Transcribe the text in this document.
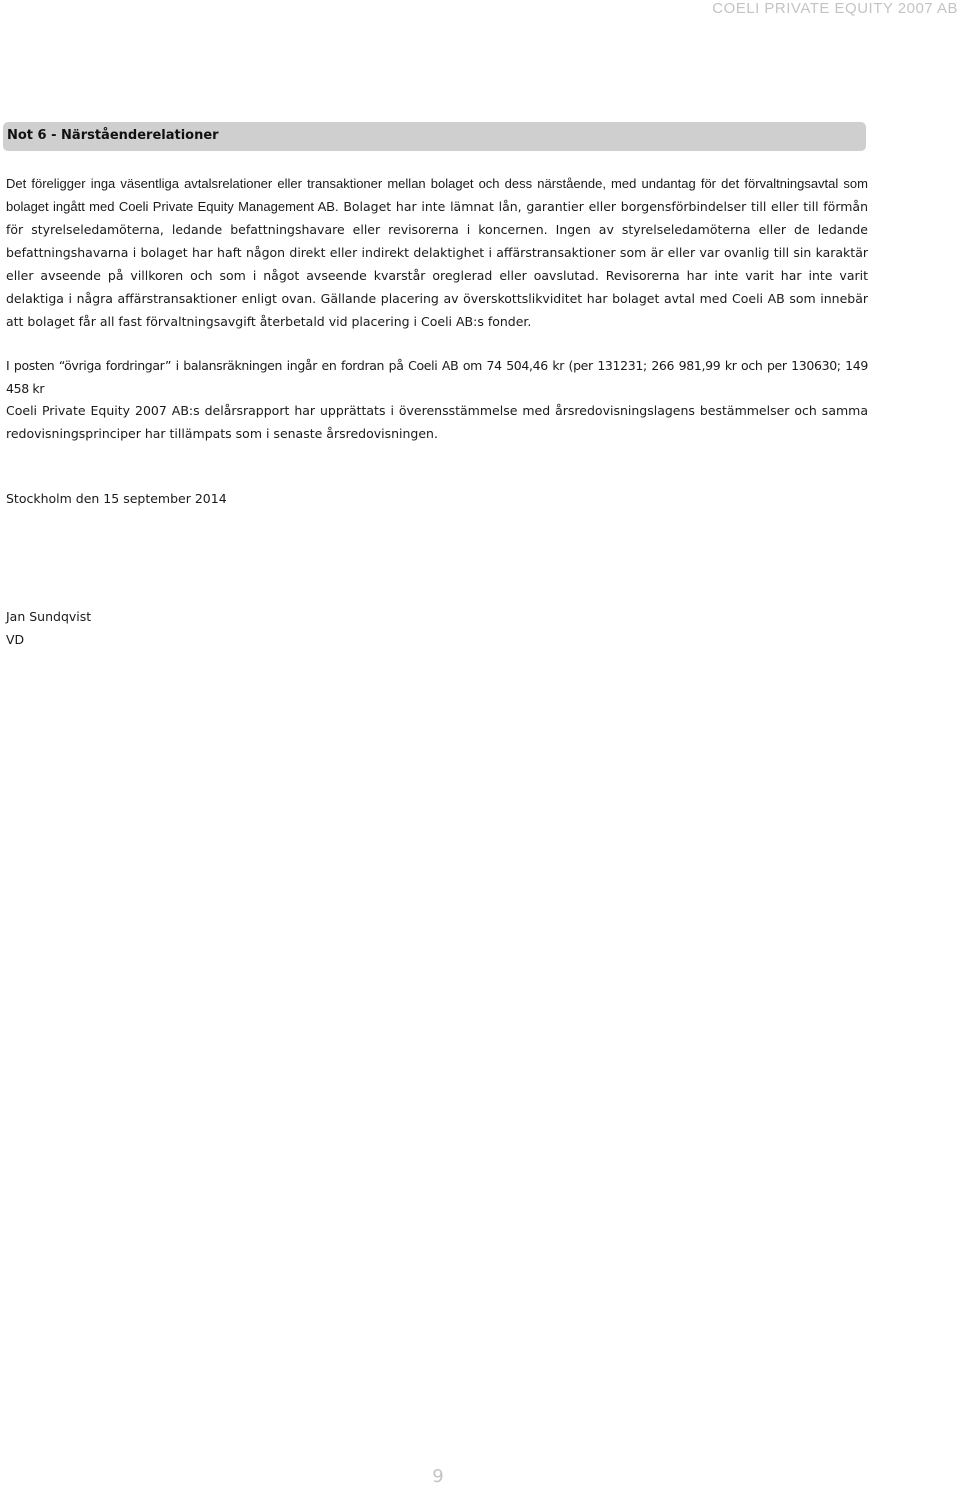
COELI PRIVATE EQUITY 2007 AB
Not 6 - Närståenderelationer

Det föreligger inga väsentliga avtalsrelationer eller transaktioner mellan bolaget och dess närstående, med undantag för det förvaltningsavtal som bolaget ingått med Coeli Private Equity Management AB. Bolaget har inte lämnat lån, garantier eller borgensförbindelser till eller till förmån för styrelseledamöterna, ledande befattningshavare eller revisorerna i koncernen. Ingen av styrelseledamöterna eller de ledande befattningshavarna i bolaget har haft någon direkt eller indirekt delaktighet i affärstransaktioner som är eller var ovanlig till sin karaktär eller avseende på villkoren och som i något avseende kvarstår oreglerad eller oavslutad. Revisorerna har inte varit har inte varit delaktiga i några affärstransaktioner enligt ovan. Gällande placering av överskottslikviditet har bolaget avtal med Coeli AB som innebär att bolaget får all fast förvaltningsavgift återbetald vid placering i Coeli AB:s fonder.

I posten “övriga fordringar” i balansräkningen ingår en fordran på Coeli AB om 74 504,46 kr (per 131231; 266 981,99 kr och per 130630; 149 458 kr

Coeli Private Equity 2007 AB:s delårsrapport har upprättats i överensstämmelse med årsredovisningslagens bestämmelser och samma redovisningsprinciper har tillämpats som i senaste årsredovisningen.

Stockholm den 15 september 2014
Jan Sundqvist
VD
9
